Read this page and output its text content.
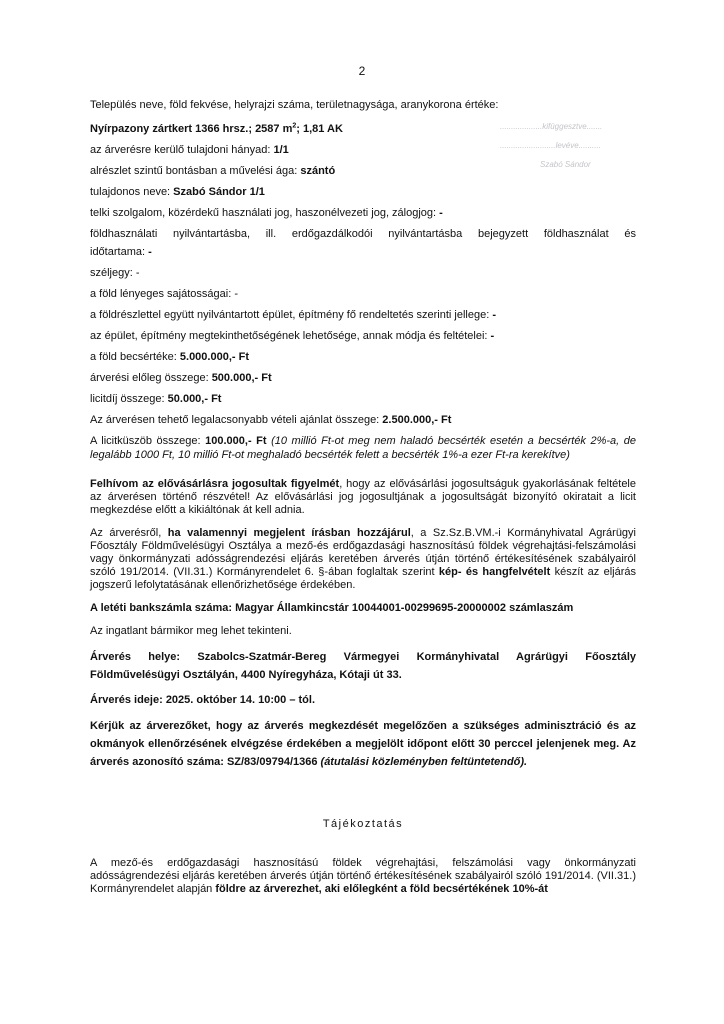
2
...................kifüggesztve.......
.........................levéve..........
Szabó Sándor
Település neve, föld fekvése, helyrajzi száma, területnagysága, aranykorona értéke:
Nyírpazony zártkert 1366 hrsz.; 2587 $m^2$; 1,81 AK
az árverésre kerülő tulajdoni hányad: 1/1
alrészlet szintű bontásban a művelési ága: szántó
tulajdonos neve: Szabó Sándor 1/1
telki szolgalom, közérdekű használati jog, haszonélvezeti jog, zálogjog: -
földhasználati nyilvántartásba, ill. erdőgazdálkodói nyilvántartásba bejegyzett földhasználat és
időtartama: -
széljegy: -
a föld lényeges sajátosságai: -
a földrészlettel együtt nyilvántartott épület, építmény fő rendeltetés szerinti jellege: -
az épület, építmény megtekinthetőségének lehetősége, annak módja és feltételei: -
a föld becsértéke: 5.000.000,- Ft
árverési előleg összege: 500.000,- Ft
licitdíj összege: 50.000,- Ft
Az árverésen tehető legalacsonyabb vételi ajánlat összege: 2.500.000,- Ft
A licitküszöb összege: 100.000,- Ft (10 millió Ft-ot meg nem haladó becsérték esetén a becsérték 2%-a, de legalább 1000 Ft, 10 millió Ft-ot meghaladó becsérték felett a becsérték 1%-a ezer Ft-ra kerekítve)
Felhívom az elővásárlásra jogosultak figyelmét, hogy az elővásárlási jogosultságuk gyakorlásának feltétele az árverésen történő részvétel! Az elővásárlási jog jogosultjának a jogosultságát bizonyító okiratait a licit megkezdése előtt a kikiáltónak át kell adnia.
Az árverésről, ha valamennyi megjelent írásban hozzájárul, a Sz.Sz.B.VM.-i Kormányhivatal Agrárügyi Főosztály Földművelésügyi Osztálya a mező-és erdőgazdasági hasznosítású földek végrehajtási-felszámolási vagy önkormányzati adósságrendezési eljárás keretében árverés útján történő értékesítésének szabályairól szóló 191/2014. (VII.31.) Kormányrendelet 6. §-ában foglaltak szerint kép- és hangfelvételt készít az eljárás jogszerű lefolytatásának ellenőrizhetősége érdekében.
A letéti bankszámla száma: Magyar Államkincstár 10044001-00299695-20000002 számlaszám
Az ingatlant bármikor meg lehet tekinteni.
Árverés helye: Szabolcs-Szatmár-Bereg Vármegyei Kormányhivatal Agrárügyi Főosztály Földművelésügyi Osztályán, 4400 Nyíregyháza, Kótaji út 33.
Árverés ideje: 2025. október 14. 10:00 – tól.
Kérjük az árverezőket, hogy az árverés megkezdését megelőzően a szükséges adminisztráció és az okmányok ellenőrzésének elvégzése érdekében a megjelölt időpont előtt 30 perccel jelenjenek meg. Az árverés azonosító száma: SZ/83/09794/1366 (átutalási közleményben feltüntetendő).
Tájékoztatás
A mező-és erdőgazdasági hasznosítású földek végrehajtási, felszámolási vagy önkormányzati adósságrendezési eljárás keretében árverés útján történő értékesítésének szabályairól szóló 191/2014. (VII.31.) Kormányrendelet alapján földre az árverezhet, aki előlegként a föld becsértékének 10%-át
